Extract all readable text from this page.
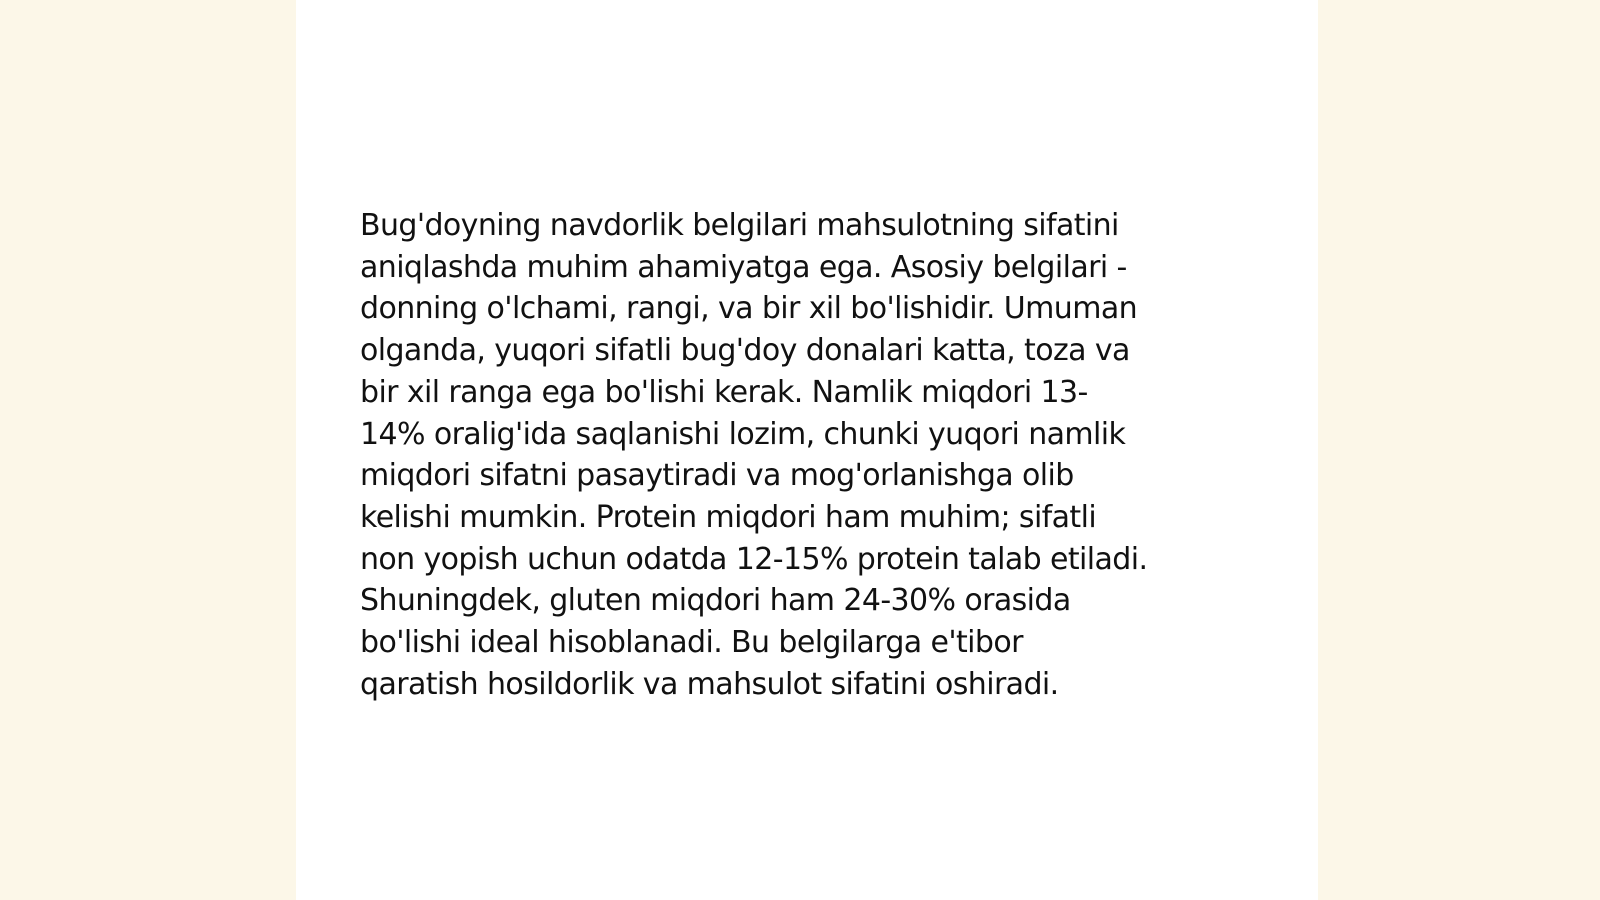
Bug'doyning navdorlik belgilari mahsulotning sifatini
aniqlashda muhim ahamiyatga ega. Asosiy belgilari -
donning o'lchami, rangi, va bir xil bo'lishidir. Umuman
olganda, yuqori sifatli bug'doy donalari katta, toza va
bir xil ranga ega bo'lishi kerak. Namlik miqdori 13-
14% oralig'ida saqlanishi lozim, chunki yuqori namlik
miqdori sifatni pasaytiradi va mog'orlanishga olib
kelishi mumkin. Protein miqdori ham muhim; sifatli
non yopish uchun odatda 12-15% protein talab etiladi.
Shuningdek, gluten miqdori ham 24-30% orasida
bo'lishi ideal hisoblanadi. Bu belgilarga e'tibor
qaratish hosildorlik va mahsulot sifatini oshiradi.
